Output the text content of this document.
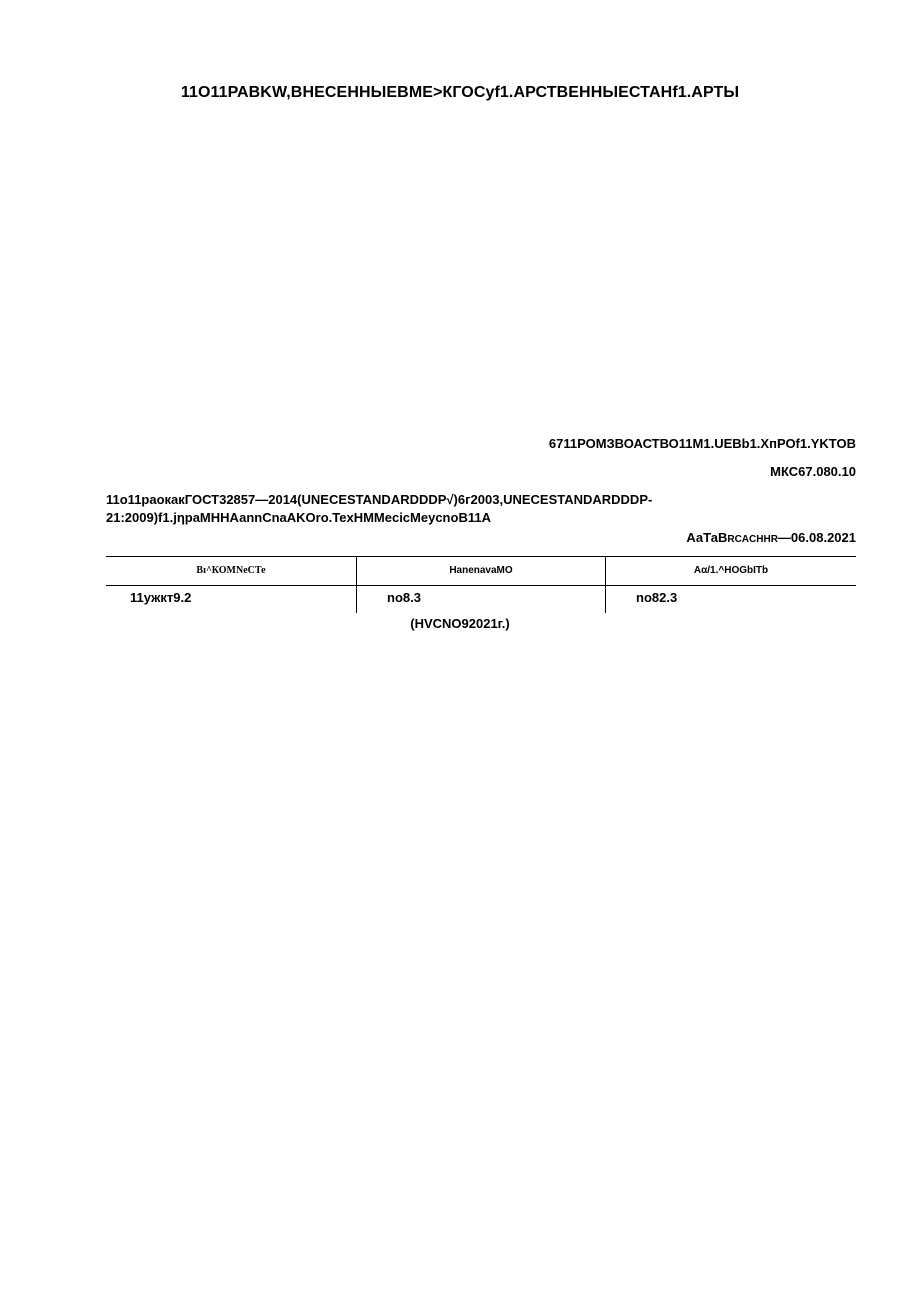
11О11РАВKW,ВНЕСЕННЫЕВМЕ>КГОСуf1.АРСТВЕННЫЕСТАНf1.АРТЫ
6711РОМЗВОАСТВО11М1.UEВb1.ХпРОf1.YKTOB
МКС67.080.10
11о11раокакГОСТ32857—2014(UNECESTANDARDDDP√)6г2003,UNECESTANDARDDDP-
21:2009)f1.јηраМННАаnnCnaAKOro.TexHMMecicMeycnoB11A
АаТаВRCACHHR—06.08.2021
Вɪ^КОМNеСТе	HanenavaMO	Аα/1.^HOGbITb
11ужкт9.2	no8.3	no82.3
(HVCNO92021г.)
